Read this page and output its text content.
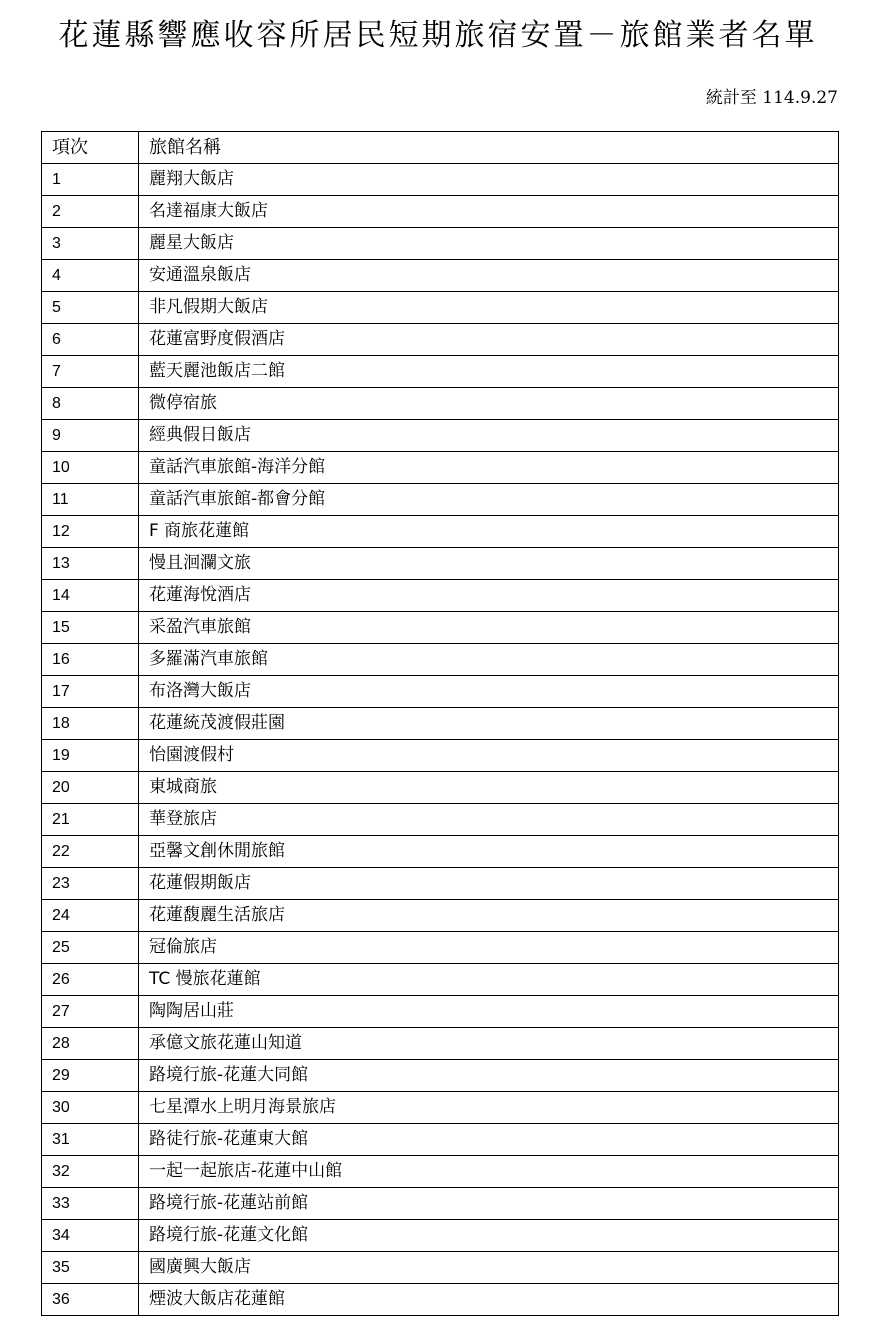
花蓮縣響應收容所居民短期旅宿安置－旅館業者名單
統計至 114.9.27
項次	旅館名稱
1	麗翔大飯店
2	名達福康大飯店
3	麗星大飯店
4	安通溫泉飯店
5	非凡假期大飯店
6	花蓮富野度假酒店
7	藍天麗池飯店二館
8	微停宿旅
9	經典假日飯店
10	童話汽車旅館-海洋分館
11	童話汽車旅館-都會分館
12	F 商旅花蓮館
13	慢且洄瀾文旅
14	花蓮海悅酒店
15	采盈汽車旅館
16	多羅滿汽車旅館
17	布洛灣大飯店
18	花蓮統茂渡假莊園
19	怡園渡假村
20	東城商旅
21	華登旅店
22	亞馨文創休閒旅館
23	花蓮假期飯店
24	花蓮馥麗生活旅店
25	冠倫旅店
26	TC 慢旅花蓮館
27	陶陶居山莊
28	承億文旅花蓮山知道
29	路境行旅-花蓮大同館
30	七星潭水上明月海景旅店
31	路徒行旅-花蓮東大館
32	一起一起旅店-花蓮中山館
33	路境行旅-花蓮站前館
34	路境行旅-花蓮文化館
35	國廣興大飯店
36	煙波大飯店花蓮館
